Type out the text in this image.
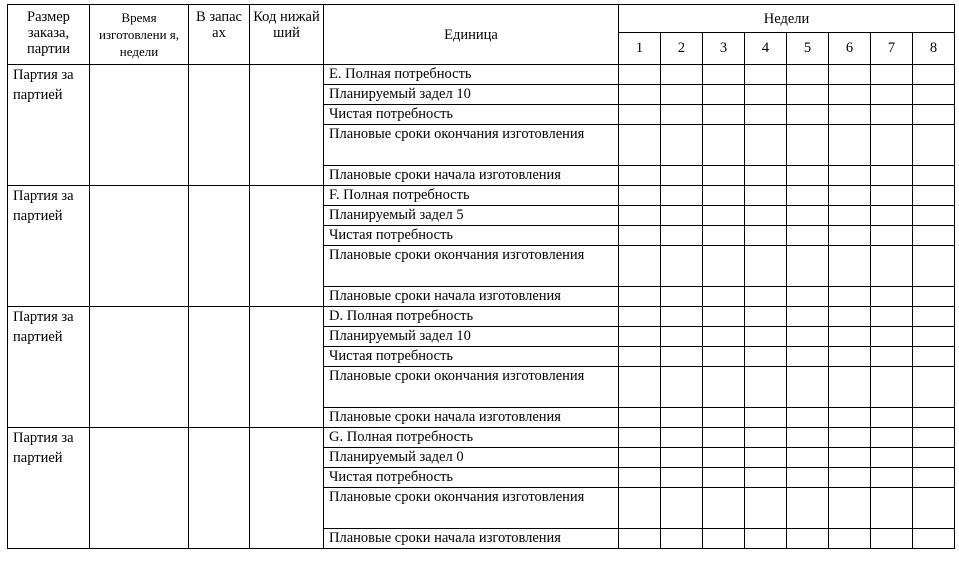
Размер заказа, партии	Время изготовлени я, недели	В запас ах	Код нижай ший	Единица	Недели							
					1	2	3	4	5	6	7	8
Партия за партией				E. Полная потребность								
				Планируемый задел 10								
				Чистая потребность								
				Плановые сроки окончания изготовления								
				Плановые сроки начала изготовления								
Партия за партией				F. Полная потребность								
				Планируемый задел 5								
				Чистая потребность								
				Плановые сроки окончания изготовления								
				Плановые сроки начала изготовления								
Партия за партией				D. Полная потребность								
				Планируемый задел 10								
				Чистая потребность								
				Плановые сроки окончания изготовления								
				Плановые сроки начала изготовления								
Партия за партией				G. Полная потребность								
				Планируемый задел 0								
				Чистая потребность								
				Плановые сроки окончания изготовления								
				Плановые сроки начала изготовления								
